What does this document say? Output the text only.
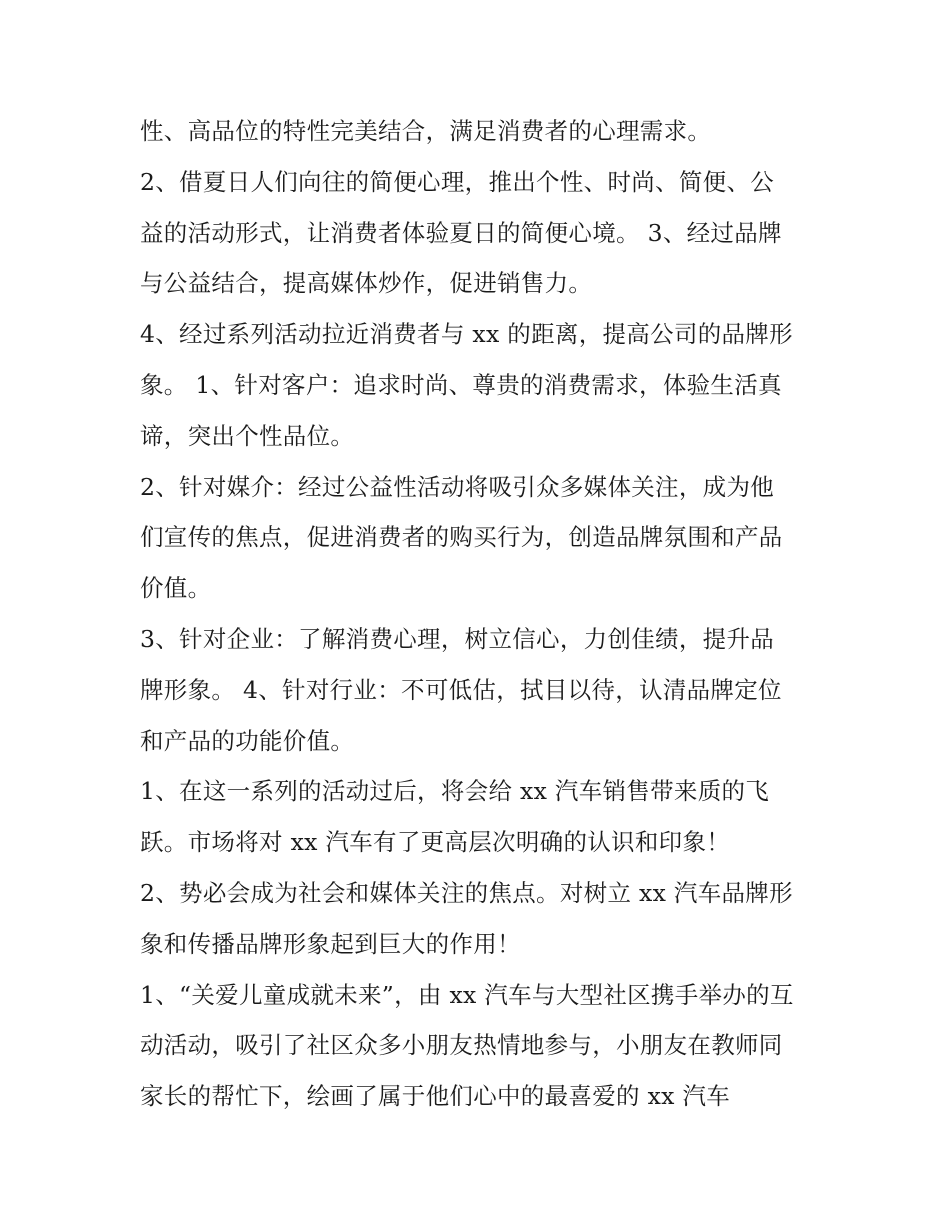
性、高品位的特性完美结合，满足消费者的心理需求。
2、借夏日人们向往的简便心理，推出个性、时尚、简便、公
益的活动形式，让消费者体验夏日的简便心境。 3、经过品牌
与公益结合，提高媒体炒作，促进销售力。
4、经过系列活动拉近消费者与 xx 的距离，提高公司的品牌形
象。 1、针对客户：追求时尚、尊贵的消费需求，体验生活真
谛，突出个性品位。
2、针对媒介：经过公益性活动将吸引众多媒体关注，成为他
们宣传的焦点，促进消费者的购买行为，创造品牌氛围和产品
价值。
3、针对企业：了解消费心理，树立信心，力创佳绩，提升品
牌形象。 4、针对行业：不可低估，拭目以待，认清品牌定位
和产品的功能价值。
1、在这一系列的活动过后，将会给 xx 汽车销售带来质的飞
跃。市场将对 xx 汽车有了更高层次明确的认识和印象！
2、势必会成为社会和媒体关注的焦点。对树立 xx 汽车品牌形
象和传播品牌形象起到巨大的作用！
1、“关爱儿童成就未来”，由 xx 汽车与大型社区携手举办的互
动活动，吸引了社区众多小朋友热情地参与，小朋友在教师同
家长的帮忙下，绘画了属于他们心中的最喜爱的 xx 汽车
